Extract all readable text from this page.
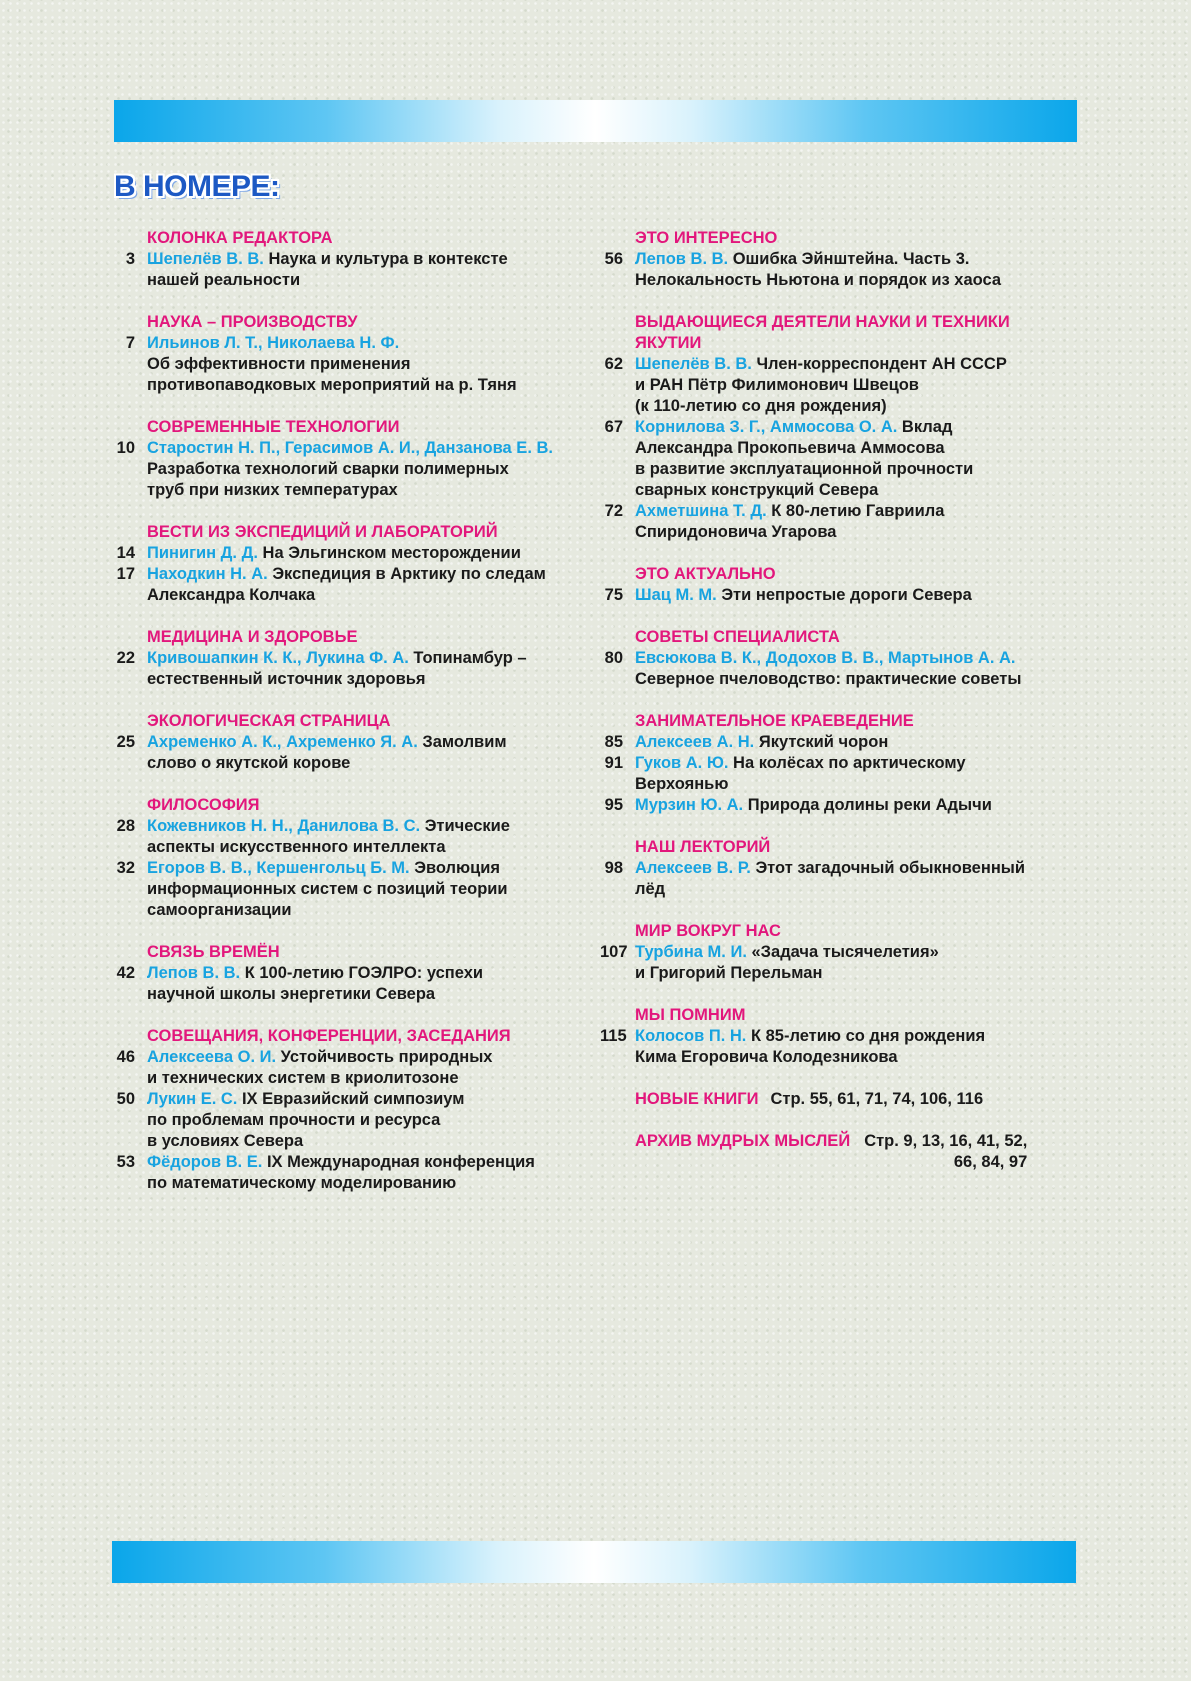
В НОМЕРЕ:
КОЛОНКА РЕДАКТОРА
3 Шепелёв В. В. Наука и культура в контексте
нашей реальности
НАУКА – ПРОИЗВОДСТВУ
7 Ильинов Л. Т., Николаева Н. Ф.
Об эффективности применения
противопаводковых мероприятий на р. Тяня
СОВРЕМЕННЫЕ ТЕХНОЛОГИИ
10 Старостин Н. П., Герасимов А. И., Данзанова Е. В.
Разработка технологий сварки полимерных
труб при низких температурах
ВЕСТИ ИЗ ЭКСПЕДИЦИЙ И ЛАБОРАТОРИЙ
14 Пинигин Д. Д. На Эльгинском месторождении
17 Находкин Н. А. Экспедиция в Арктику по следам
Александра Колчака
МЕДИЦИНА И ЗДОРОВЬЕ
22 Кривошапкин К. К., Лукина Ф. А. Топинамбур –
естественный источник здоровья
ЭКОЛОГИЧЕСКАЯ СТРАНИЦА
25 Ахременко А. К., Ахременко Я. А. Замолвим
слово о якутской корове
ФИЛОСОФИЯ
28 Кожевников Н. Н., Данилова В. С. Этические
аспекты искусственного интеллекта
32 Егоров В. В., Кершенгольц Б. М. Эволюция
информационных систем с позиций теории
самоорганизации
СВЯЗЬ ВРЕМЁН
42 Лепов В. В. К 100-летию ГОЭЛРО: успехи
научной школы энергетики Севера
СОВЕЩАНИЯ, КОНФЕРЕНЦИИ, ЗАСЕДАНИЯ
46 Алексеева О. И. Устойчивость природных
и технических систем в криолитозоне
50 Лукин Е. С. IX Евразийский симпозиум
по проблемам прочности и ресурса
в условиях Севера
53 Фёдоров В. Е. IX Международная конференция
по математическому моделированию
ЭТО ИНТЕРЕСНО
56 Лепов В. В. Ошибка Эйнштейна. Часть 3.
Нелокальность Ньютона и порядок из хаоса
ВЫДАЮЩИЕСЯ ДЕЯТЕЛИ НАУКИ И ТЕХНИКИ
ЯКУТИИ
62 Шепелёв В. В. Член-корреспондент АН СССР
и РАН Пётр Филимонович Швецов
(к 110-летию со дня рождения)
67 Корнилова З. Г., Аммосова О. А. Вклад
Александра Прокопьевича Аммосова
в развитие эксплуатационной прочности
сварных конструкций Севера
72 Ахметшина Т. Д. К 80-летию Гавриила
Спиридоновича Угарова
ЭТО АКТУАЛЬНО
75 Шац М. М. Эти непростые дороги Севера
СОВЕТЫ СПЕЦИАЛИСТА
80 Евсюкова В. К., Додохов В. В., Мартынов А. А.
Северное пчеловодство: практические советы
ЗАНИМАТЕЛЬНОЕ КРАЕВЕДЕНИЕ
85 Алексеев А. Н. Якутский чорон
91 Гуков А. Ю. На колёсах по арктическому
Верхоянью
95 Мурзин Ю. А. Природа долины реки Адычи
НАШ ЛЕКТОРИЙ
98 Алексеев В. Р. Этот загадочный обыкновенный
лёд
МИР ВОКРУГ НАС
107 Турбина М. И. «Задача тысячелетия»
и Григорий Перельман
МЫ ПОМНИМ
115 Колосов П. Н. К 85-летию со дня рождения
Кима Егоровича Колодезникова
НОВЫЕ КНИГИ Стр. 55, 61, 71, 74, 106, 116
АРХИВ МУДРЫХ МЫСЛЕЙ Стр. 9, 13, 16, 41, 52,
66, 84, 97
